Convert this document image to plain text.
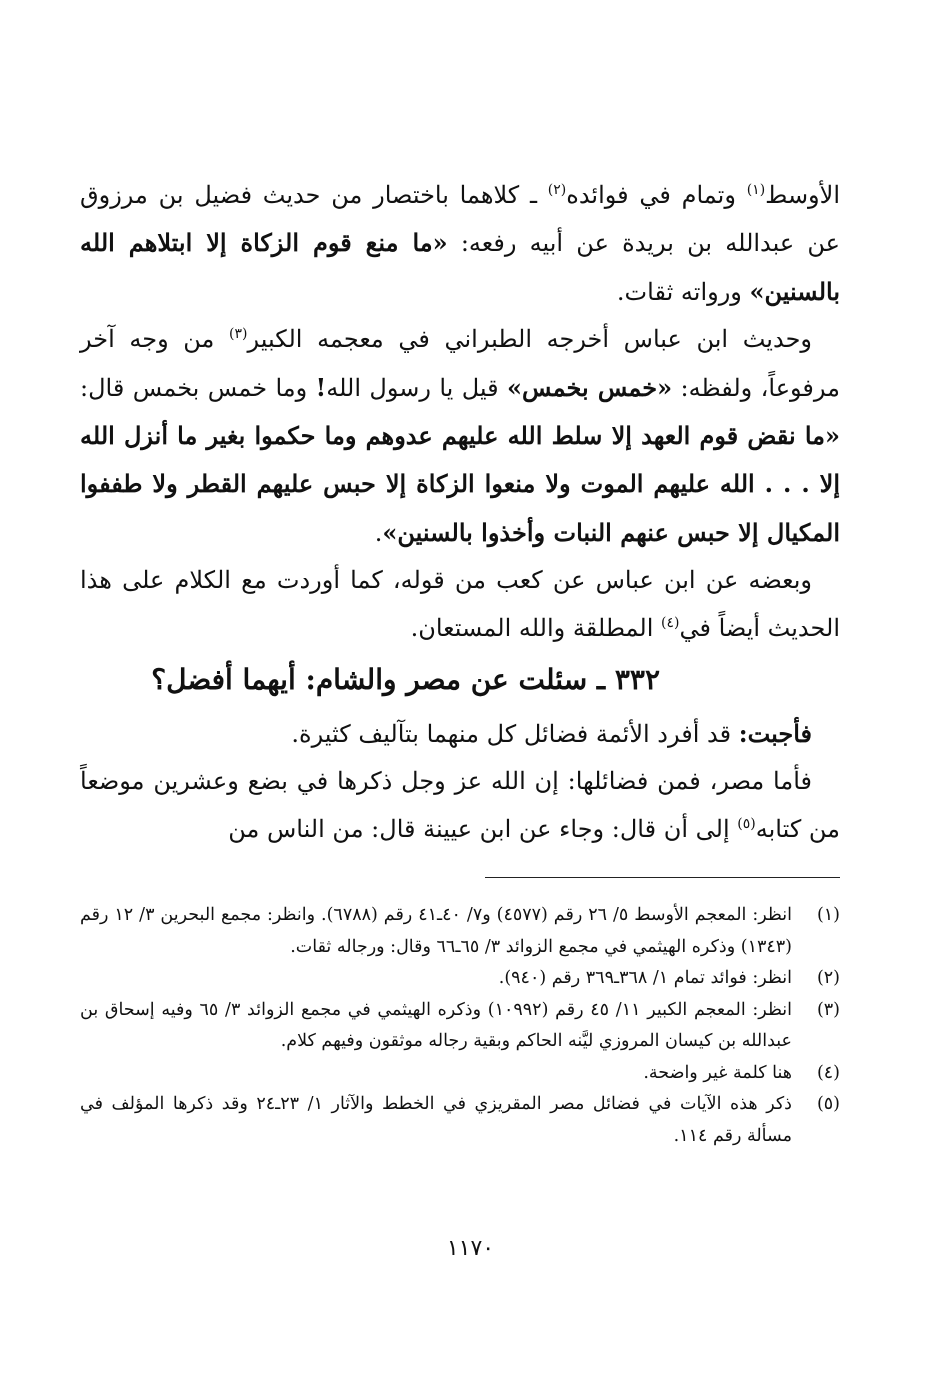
الأوسط$^{(١)}$ وتمام في فوائده$^{(٢)}$ ـ كلاهما باختصار من حديث فضيل بن مرزوق عن عبدالله بن بريدة عن أبيه رفعه: «ما منع قوم الزكاة إلا ابتلاهم الله بالسنين» ورواته ثقات.

وحديث ابن عباس أخرجه الطبراني في معجمه الكبير$^{(٣)}$ من وجه آخر مرفوعاً، ولفظه: «خمس بخمس» قيل يا رسول الله! وما خمس بخمس قال: «ما نقض قوم العهد إلا سلط الله عليهم عدوهم وما حكموا بغير ما أنزل الله إلا . . . الله عليهم الموت ولا منعوا الزكاة إلا حبس عليهم القطر ولا طففوا المكيال إلا حبس عنهم النبات وأخذوا بالسنين».

وبعضه عن ابن عباس عن كعب من قوله، كما أوردت مع الكلام على هذا الحديث أيضاً في$^{(٤)}$ المطلقة والله المستعان.

٣٣٢ ـ سئلت عن مصر والشام: أيهما أفضل؟

فأجبت: قد أفرد الأئمة فضائل كل منهما بتآليف كثيرة.

فأما مصر، فمن فضائلها: إن الله عز وجل ذكرها في بضع وعشرين موضعاً من كتابه$^{(٥)}$ إلى أن قال: وجاء عن ابن عيينة قال: من الناس من

(١)
انظر: المعجم الأوسط ٥/ ٢٦ رقم (٤٥٧٧) و٧/ ٤٠ـ٤١ رقم (٦٧٨٨). وانظر: مجمع البحرين ٣/ ١٢ رقم (١٣٤٣) وذكره الهيثمي في مجمع الزوائد ٣/ ٦٥ـ٦٦ وقال: ورجاله ثقات.
(٢)
انظر: فوائد تمام ١/ ٣٦٨ـ٣٦٩ رقم (٩٤٠).
(٣)
انظر: المعجم الكبير ١١/ ٤٥ رقم (١٠٩٩٢) وذكره الهيثمي في مجمع الزوائد ٣/ ٦٥ وفيه إسحاق بن عبدالله بن كيسان المروزي ليَّنه الحاكم وبقية رجاله موثقون وفيهم كلام.
(٤)
هنا كلمة غير واضحة.
(٥)
ذكر هذه الآيات في فضائل مصر المقريزي في الخطط والآثار ١/ ٢٣ـ٢٤ وقد ذكرها المؤلف في مسألة رقم ١١٤.
١١٧٠
